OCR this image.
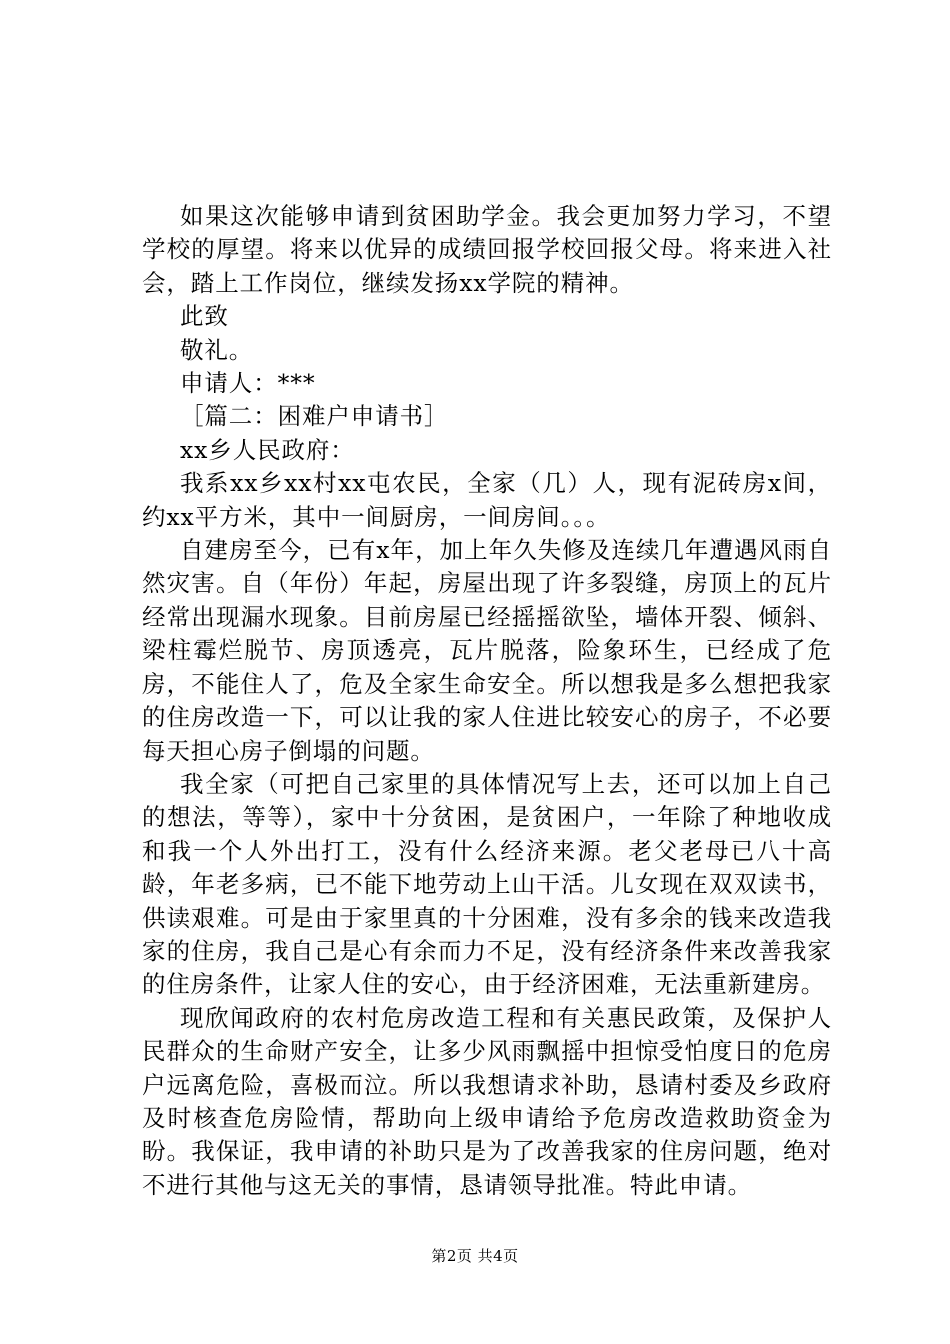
如果这次能够申请到贫困助学金。我会更加努力学习，不望学校的厚望。将来以优异的成绩回报学校回报父母。将来进入社会，踏上工作岗位，继续发扬xx学院的精神。

此致

敬礼。

申请人：***

［篇二：困难户申请书］

xx乡人民政府：

我系xx乡xx村xx屯农民，全家（几）人，现有泥砖房x间，约xx平方米，其中一间厨房，一间房间。。。

自建房至今，已有x年，加上年久失修及连续几年遭遇风雨自然灾害。自（年份）年起，房屋出现了许多裂缝，房顶上的瓦片经常出现漏水现象。目前房屋已经摇摇欲坠，墙体开裂、倾斜、梁柱霉烂脱节、房顶透亮，瓦片脱落，险象环生，已经成了危房，不能住人了，危及全家生命安全。所以想我是多么想把我家的住房改造一下，可以让我的家人住进比较安心的房子，不必要每天担心房子倒塌的问题。

我全家（可把自己家里的具体情况写上去，还可以加上自己的想法，等等），家中十分贫困，是贫困户，一年除了种地收成和我一个人外出打工，没有什么经济来源。老父老母已八十高龄，年老多病，已不能下地劳动上山干活。儿女现在双双读书，供读艰难。可是由于家里真的十分困难，没有多余的钱来改造我家的住房，我自己是心有余而力不足，没有经济条件来改善我家的住房条件，让家人住的安心，由于经济困难，无法重新建房。

现欣闻政府的农村危房改造工程和有关惠民政策，及保护人民群众的生命财产安全，让多少风雨飘摇中担惊受怕度日的危房户远离危险，喜极而泣。所以我想请求补助，恳请村委及乡政府及时核查危房险情，帮助向上级申请给予危房改造救助资金为盼。我保证，我申请的补助只是为了改善我家的住房问题，绝对不进行其他与这无关的事情，恳请领导批准。特此申请。

第2页 共4页
